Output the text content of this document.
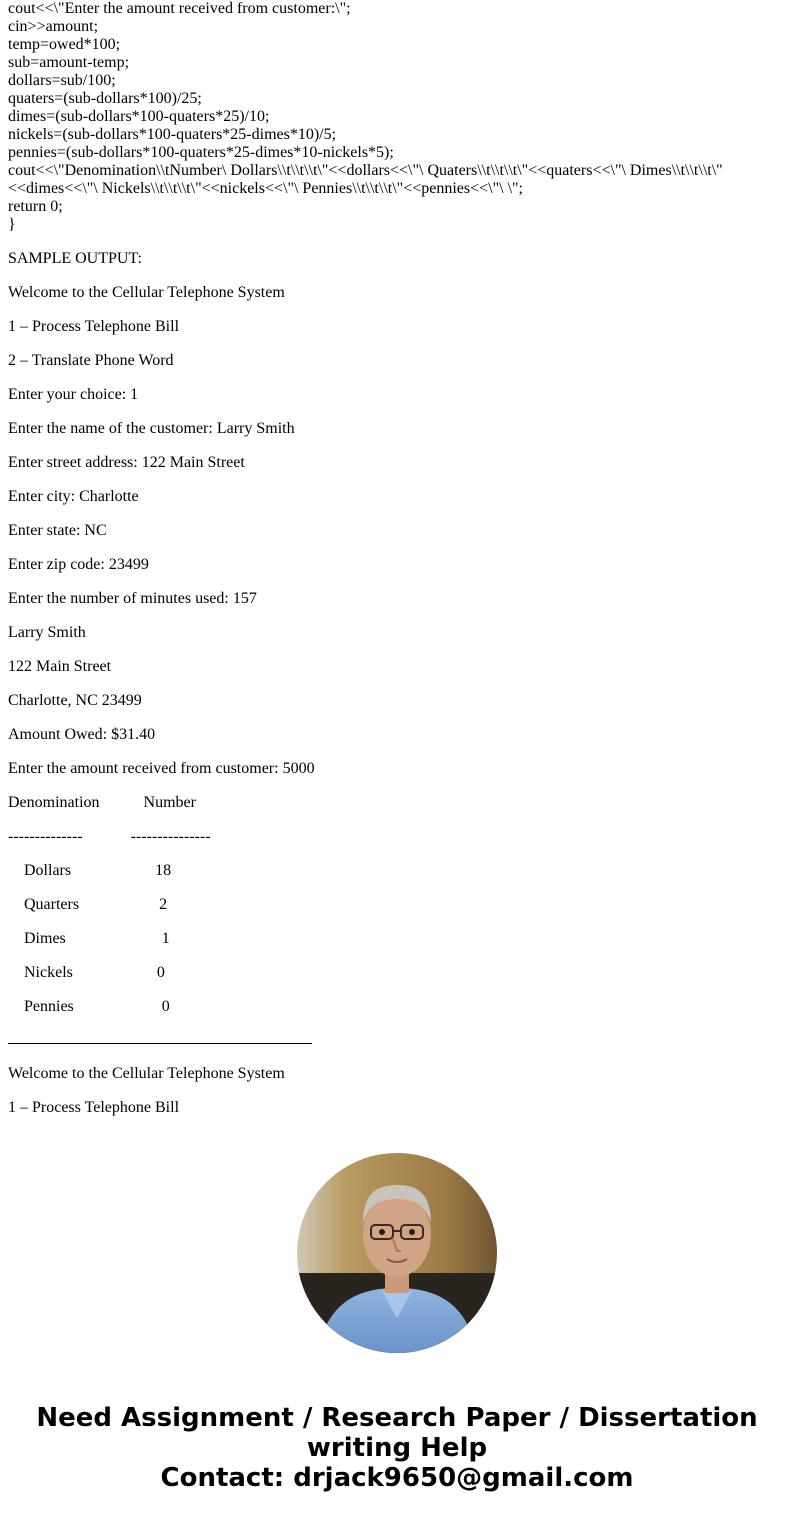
cout<<\"Enter the amount received from customer:\";
cin>>amount;
temp=owed*100;
sub=amount-temp;
dollars=sub/100;
quaters=(sub-dollars*100)/25;
dimes=(sub-dollars*100-quaters*25)/10;
nickels=(sub-dollars*100-quaters*25-dimes*10)/5;
pennies=(sub-dollars*100-quaters*25-dimes*10-nickels*5);
cout<<\"Denomination\\tNumber\ Dollars\\t\\t\\t\"<<dollars<<\"\ Quaters\\t\\t\\t\"<<quaters<<\"\ Dimes\\t\\t\\t\" <<dimes<<\"\ Nickels\\t\\t\\t\"<<nickels<<\"\ Pennies\\t\\t\\t\"<<pennies<<\"\ \";
return 0;
}
SAMPLE OUTPUT:
Welcome to the Cellular Telephone System
1 – Process Telephone Bill
2 – Translate Phone Word
Enter your choice: 1
Enter the name of the customer: Larry Smith
Enter street address: 122 Main Street
Enter city: Charlotte
Enter state: NC
Enter zip code: 23499
Enter the number of minutes used: 157
Larry Smith
122 Main Street
Charlotte, NC 23499
Amount Owed: $31.40
Enter the amount received from customer: 5000
Denomination           Number
--------------            ---------------
Dollars                     18
Quarters                    2
Dimes                        1
Nickels                     0
Pennies                      0
Welcome to the Cellular Telephone System
1 – Process Telephone Bill
Need Assignment / Research Paper / Dissertation
writing Help
Contact: drjack9650@gmail.com
